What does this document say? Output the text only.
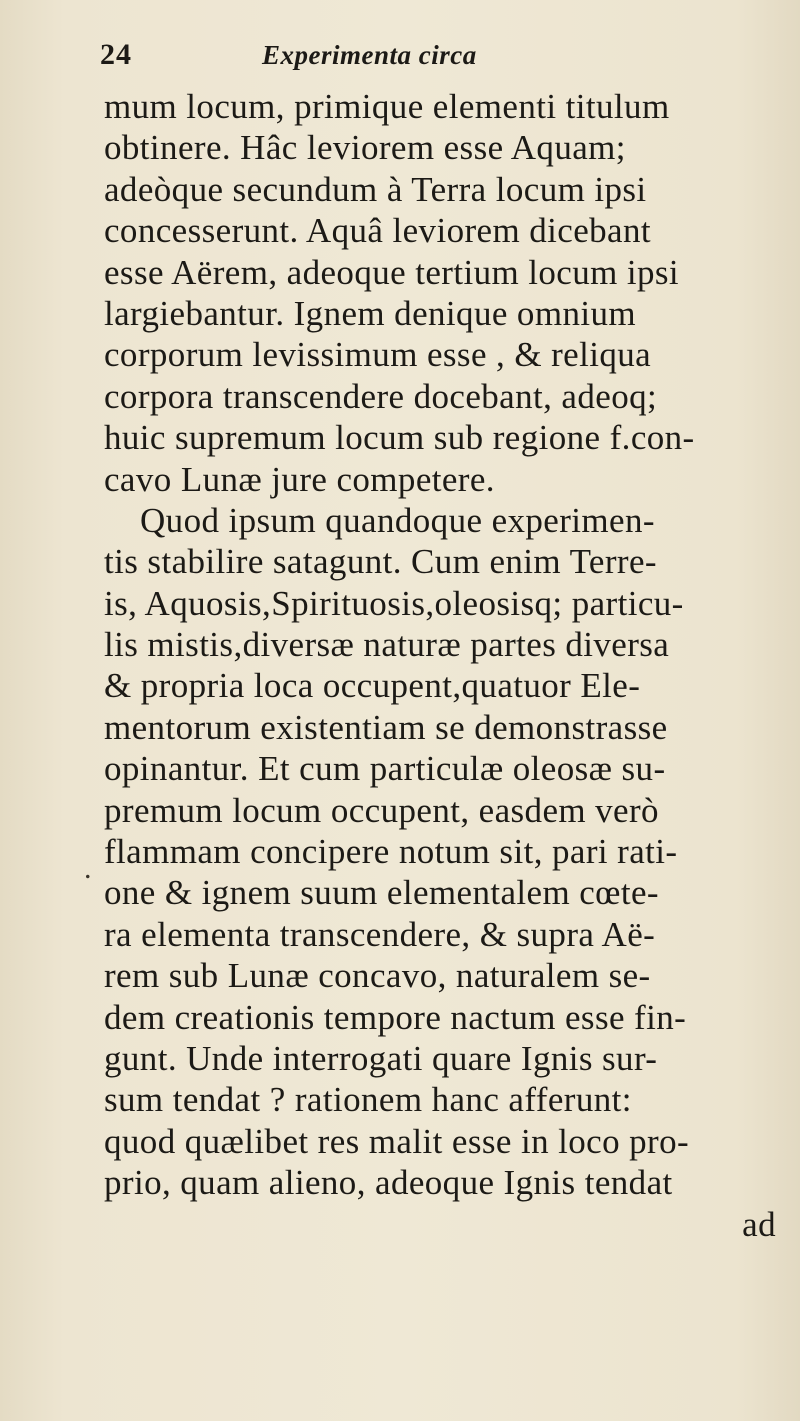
24	Experimenta circa
.
mum locum, primique elementi titulum
obtinere. Hâc leviorem esse Aquam;
adeòque secundum à Terra locum ipsi
concesserunt. Aquâ leviorem dicebant
esse Aërem, adeoque tertium locum ipsi
largiebantur. Ignem denique omnium
corporum levissimum esse , & reliqua
corpora transcendere docebant, adeoq;
huic supremum locum sub regione f.con-
cavo Lunæ jure competere.
Quod ipsum quandoque experimen-
tis stabilire satagunt. Cum enim Terre-
is, Aquosis,Spirituosis,oleosisq; particu-
lis mistis,diversæ naturæ partes diversa
& propria loca occupent,quatuor Ele-
mentorum existentiam se demonstrasse
opinantur. Et cum particulæ oleosæ su-
premum locum occupent, easdem verò
flammam concipere notum sit, pari rati-
one & ignem suum elementalem cœte-
ra elementa transcendere, & supra Aë-
rem sub Lunæ concavo, naturalem se-
dem creationis tempore nactum esse fin-
gunt. Unde interrogati quare Ignis sur-
sum tendat ? rationem hanc afferunt:
quod quælibet res malit esse in loco pro-
prio, quam alieno, adeoque Ignis tendat
ad
